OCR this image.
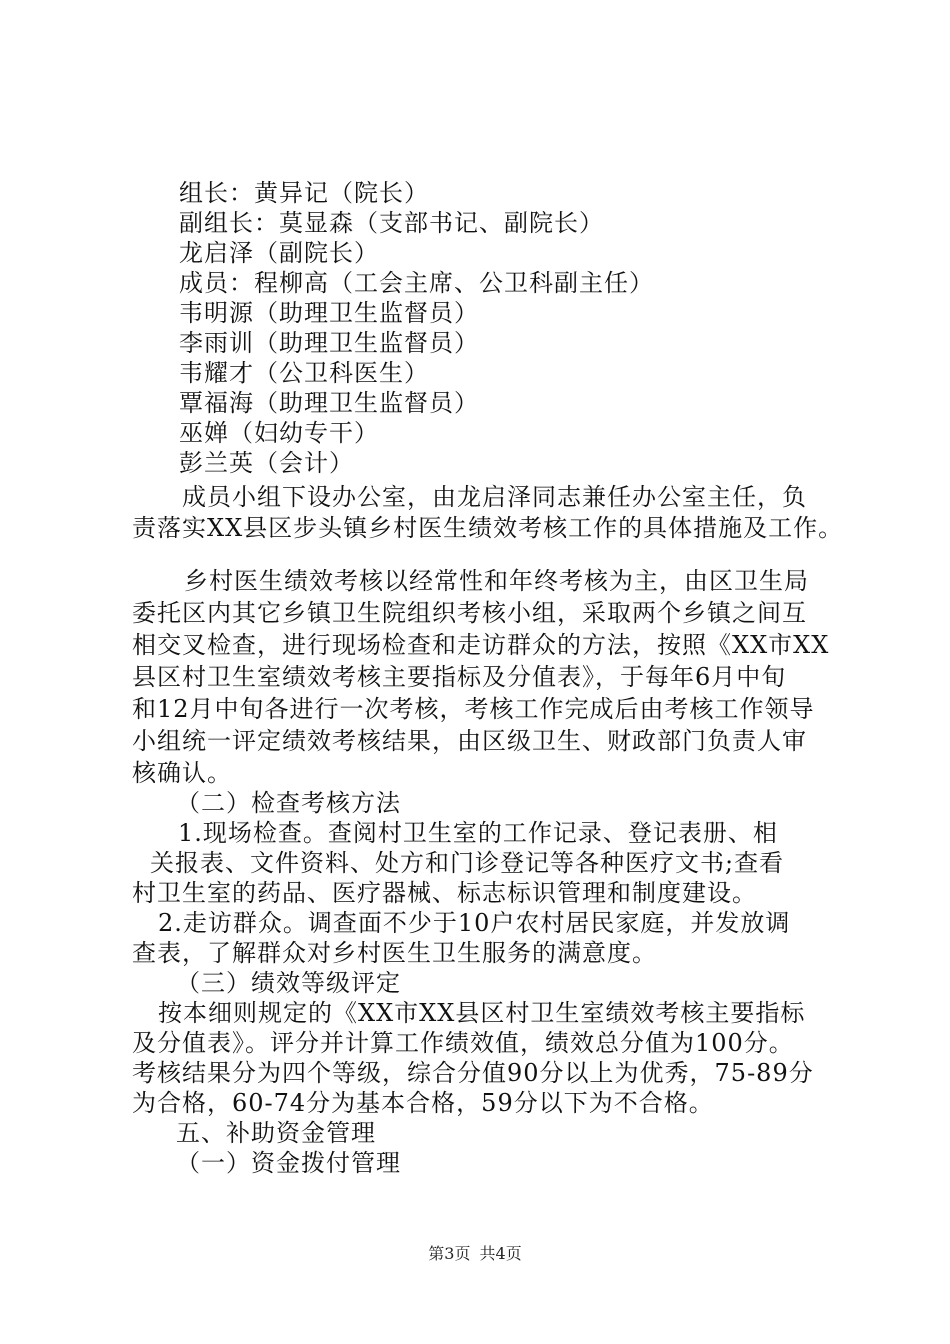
组长：黄异记（院长）
副组长：莫显森（支部书记、副院长）
龙启泽（副院长）
成员：程柳高（工会主席、公卫科副主任）
韦明源（助理卫生监督员）
李雨训（助理卫生监督员）
韦耀才（公卫科医生）
覃福海（助理卫生监督员）
巫婵（妇幼专干）
彭兰英（会计）
成员小组下设办公室，由龙启泽同志兼任办公室主任，负
责落实XX县区步头镇乡村医生绩效考核工作的具体措施及工作。
乡村医生绩效考核以经常性和年终考核为主，由区卫生局
委托区内其它乡镇卫生院组织考核小组，采取两个乡镇之间互
相交叉检查，进行现场检查和走访群众的方法，按照《XX市XX
县区村卫生室绩效考核主要指标及分值表》，于每年6月中旬
和12月中旬各进行一次考核，考核工作完成后由考核工作领导
小组统一评定绩效考核结果，由区级卫生、财政部门负责人审
核确认。
（二）检查考核方法
1.现场检查。查阅村卫生室的工作记录、登记表册、相
关报表、文件资料、处方和门诊登记等各种医疗文书;查看
村卫生室的药品、医疗器械、标志标识管理和制度建设。
2.走访群众。调查面不少于10户农村居民家庭，并发放调
查表，了解群众对乡村医生卫生服务的满意度。
（三）绩效等级评定
按本细则规定的《XX市XX县区村卫生室绩效考核主要指标
及分值表》。评分并计算工作绩效值，绩效总分值为100分。
考核结果分为四个等级，综合分值90分以上为优秀，75-89分
为合格，60-74分为基本合格，59分以下为不合格。
五、补助资金管理
（一）资金拨付管理
第3页 共4页
